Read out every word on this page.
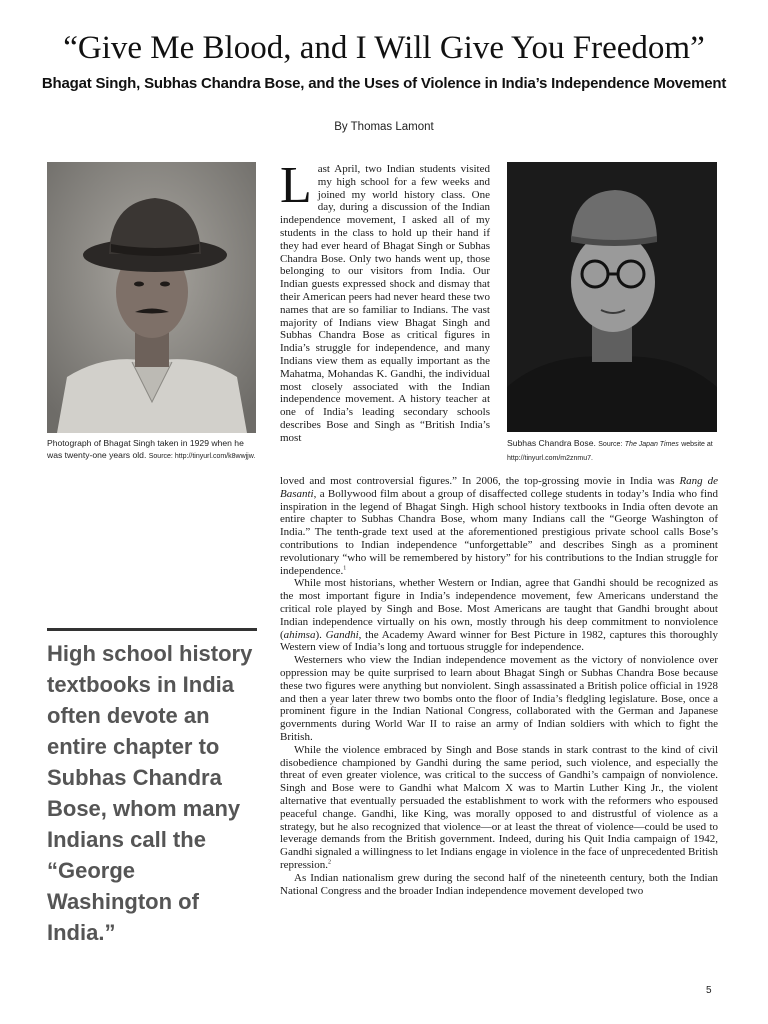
“Give Me Blood, and I Will Give You Freedom”
Bhagat Singh, Subhas Chandra Bose, and the Uses of Violence in India’s Independence Movement
By Thomas Lamont
Photograph of Bhagat Singh taken in 1929 when he was twenty-one years old. Source: http://tinyurl.com/k8wwjjw.
Subhas Chandra Bose. Source: The Japan Times website at http://tinyurl.com/m2znmu7.

Last April, two Indian students visited my high school for a few weeks and joined my world history class. One day, during a discussion of the Indian independence movement, I asked all of my students in the class to hold up their hand if they had ever heard of Bhagat Singh or Subhas Chandra Bose. Only two hands went up, those belonging to our visitors from India. Our Indian guests expressed shock and dismay that their American peers had never heard these two names that are so familiar to Indians. The vast majority of Indians view Bhagat Singh and Subhas Chandra Bose as critical figures in India’s struggle for independence, and many Indians view them as equally important as the Mahatma, Mohandas K. Gandhi, the individual most closely associated with the Indian independence movement. A history teacher at one of India’s leading secondary schools describes Bose and Singh as “British India’s most

loved and most controversial figures.” In 2006, the top-grossing movie in India was Rang de Basanti, a Bollywood film about a group of disaffected college students in today’s India who find inspiration in the legend of Bhagat Singh. High school history textbooks in India often devote an entire chapter to Subhas Chandra Bose, whom many Indians call the “George Washington of India.” The tenth-grade text used at the aforementioned prestigious private school calls Bose’s contributions to Indian independence “unforgettable” and describes Singh as a prominent revolutionary “who will be remembered by history” for his contributions to the Indian struggle for independence.$^1$

While most historians, whether Western or Indian, agree that Gandhi should be recognized as the most important figure in India’s independence movement, few Americans understand the critical role played by Singh and Bose. Most Americans are taught that Gandhi brought about Indian independence virtually on his own, mostly through his deep commitment to nonviolence (ahimsa). Gandhi, the Academy Award winner for Best Picture in 1982, captures this thoroughly Western view of India’s long and tortuous struggle for independence.

Westerners who view the Indian independence movement as the victory of nonviolence over oppression may be quite surprised to learn about Bhagat Singh or Subhas Chandra Bose because these two figures were anything but nonviolent. Singh assassinated a British police official in 1928 and then a year later threw two bombs onto the floor of India’s fledgling legislature. Bose, once a prominent figure in the Indian National Congress, collaborated with the German and Japanese governments during World War II to raise an army of Indian soldiers with which to fight the British.

While the violence embraced by Singh and Bose stands in stark contrast to the kind of civil disobedience championed by Gandhi during the same period, such violence, and especially the threat of even greater violence, was critical to the success of Gandhi’s campaign of nonviolence. Singh and Bose were to Gandhi what Malcom X was to Martin Luther King Jr., the violent alternative that eventually persuaded the establishment to work with the reformers who espoused peaceful change. Gandhi, like King, was morally opposed to and distrustful of violence as a strategy, but he also recognized that violence—or at least the threat of violence—could be used to leverage demands from the British government. Indeed, during his Quit India campaign of 1942, Gandhi signaled a willingness to let Indians engage in violence in the face of unprecedented British repression.$^2$

As Indian nationalism grew during the second half of the nineteenth century, both the Indian National Congress and the broader Indian independence movement developed two

High school history textbooks in India often devote an entire chapter to Subhas Chandra Bose, whom many Indians call the “George Washington of India.”
5
